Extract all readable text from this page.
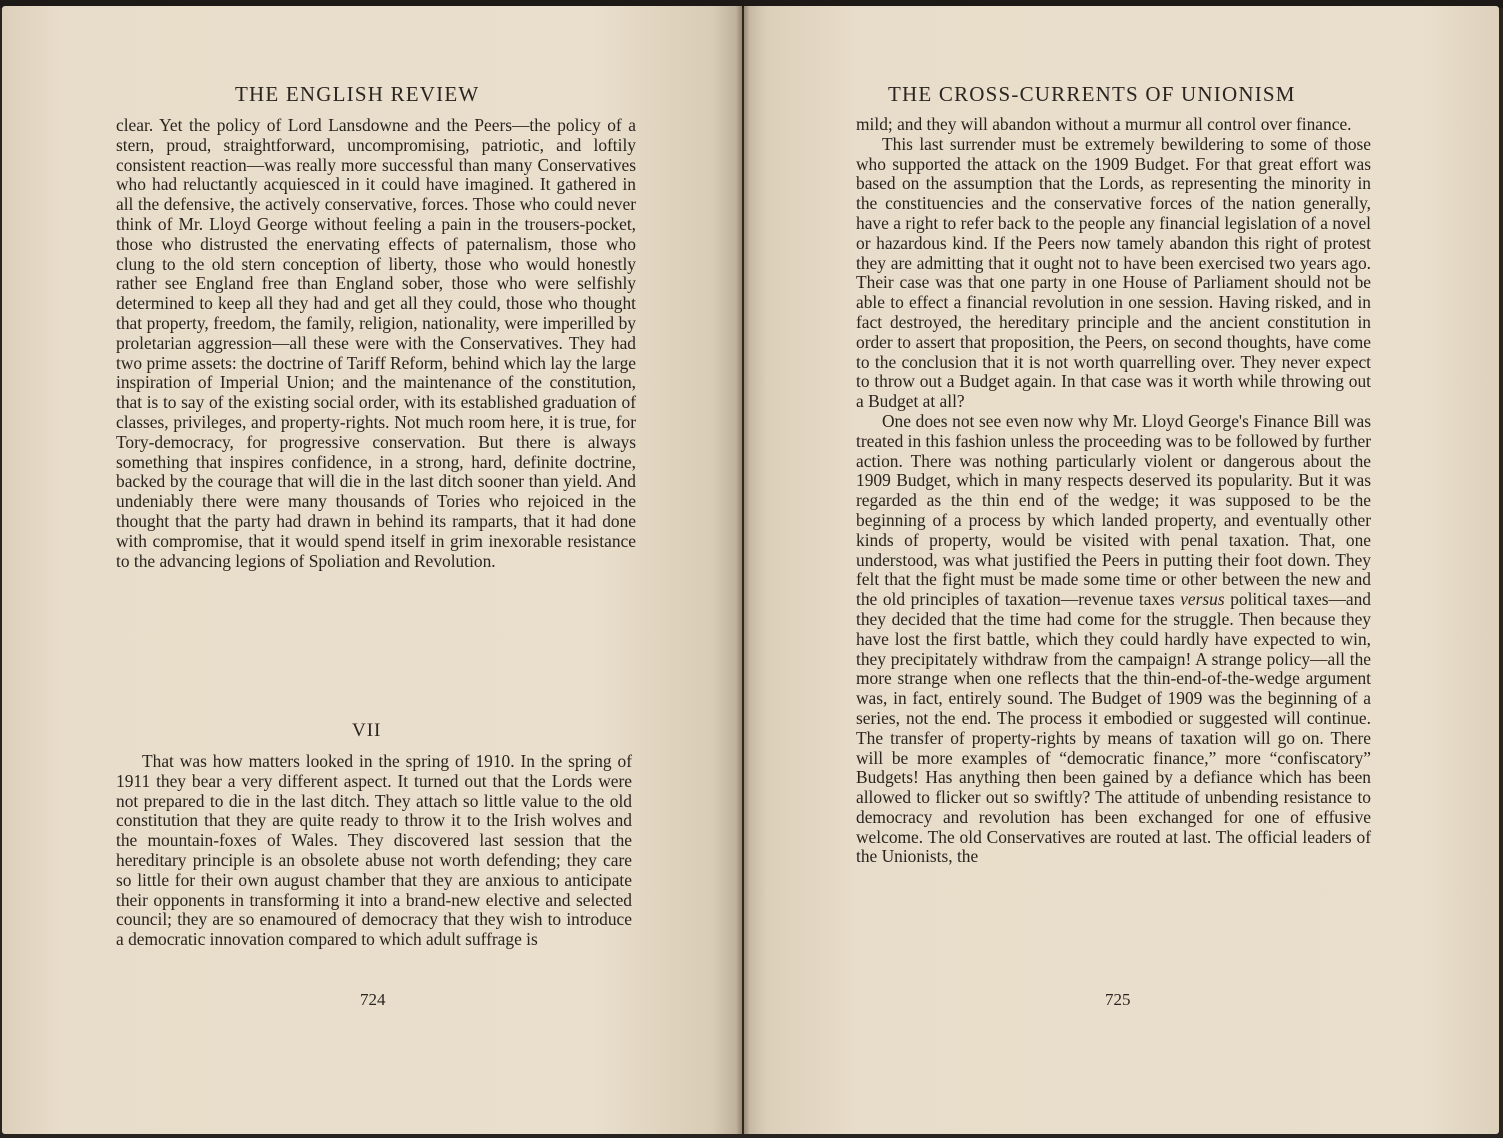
THE ENGLISH REVIEW

clear. Yet the policy of Lord Lansdowne and the Peers—the policy of a stern, proud, straightforward, uncompromising, patriotic, and loftily consistent reaction—was really more successful than many Conservatives who had reluctantly acquiesced in it could have imagined. It gathered in all the defensive, the actively conservative, forces. Those who could never think of Mr. Lloyd George without feeling a pain in the trousers-pocket, those who distrusted the enervating effects of paternalism, those who clung to the old stern conception of liberty, those who would honestly rather see England free than England sober, those who were selfishly determined to keep all they had and get all they could, those who thought that property, freedom, the family, religion, nationality, were imperilled by proletarian aggression—all these were with the Conservatives. They had two prime assets: the doctrine of Tariff Reform, behind which lay the large inspiration of Imperial Union; and the maintenance of the constitution, that is to say of the existing social order, with its established graduation of classes, privileges, and property-rights. Not much room here, it is true, for Tory-democracy, for progressive conservation. But there is always something that inspires confidence, in a strong, hard, definite doctrine, backed by the courage that will die in the last ditch sooner than yield. And undeniably there were many thousands of Tories who rejoiced in the thought that the party had drawn in behind its ramparts, that it had done with compromise, that it would spend itself in grim inexorable resistance to the advancing legions of Spoliation and Revolution.

VII

That was how matters looked in the spring of 1910. In the spring of 1911 they bear a very different aspect. It turned out that the Lords were not prepared to die in the last ditch. They attach so little value to the old constitution that they are quite ready to throw it to the Irish wolves and the mountain-foxes of Wales. They discovered last session that the hereditary principle is an obsolete abuse not worth defending; they care so little for their own august chamber that they are anxious to anticipate their opponents in transforming it into a brand-new elective and selected council; they are so enamoured of democracy that they wish to introduce a democratic innovation compared to which adult suffrage is

724
THE CROSS-CURRENTS OF UNIONISM

mild; and they will abandon without a murmur all control over finance.

This last surrender must be extremely bewildering to some of those who supported the attack on the 1909 Budget. For that great effort was based on the assumption that the Lords, as representing the minority in the constituencies and the conservative forces of the nation generally, have a right to refer back to the people any financial legislation of a novel or hazardous kind. If the Peers now tamely abandon this right of protest they are admitting that it ought not to have been exercised two years ago. Their case was that one party in one House of Parliament should not be able to effect a financial revolution in one session. Having risked, and in fact destroyed, the hereditary principle and the ancient constitution in order to assert that proposition, the Peers, on second thoughts, have come to the conclusion that it is not worth quarrelling over. They never expect to throw out a Budget again. In that case was it worth while throwing out a Budget at all?

One does not see even now why Mr. Lloyd George's Finance Bill was treated in this fashion unless the proceeding was to be followed by further action. There was nothing particularly violent or dangerous about the 1909 Budget, which in many respects deserved its popularity. But it was regarded as the thin end of the wedge; it was supposed to be the beginning of a process by which landed property, and eventually other kinds of property, would be visited with penal taxation. That, one understood, was what justified the Peers in putting their foot down. They felt that the fight must be made some time or other between the new and the old principles of taxation—revenue taxes versus political taxes—and they decided that the time had come for the struggle. Then because they have lost the first battle, which they could hardly have expected to win, they precipitately withdraw from the campaign! A strange policy—all the more strange when one reflects that the thin-end-of-the-wedge argument was, in fact, entirely sound. The Budget of 1909 was the beginning of a series, not the end. The process it embodied or suggested will continue. The transfer of property-rights by means of taxation will go on. There will be more examples of “democratic finance,” more “confiscatory” Budgets! Has anything then been gained by a defiance which has been allowed to flicker out so swiftly? The attitude of unbending resistance to democracy and revolution has been exchanged for one of effusive welcome. The old Conservatives are routed at last. The official leaders of the Unionists, the

725
